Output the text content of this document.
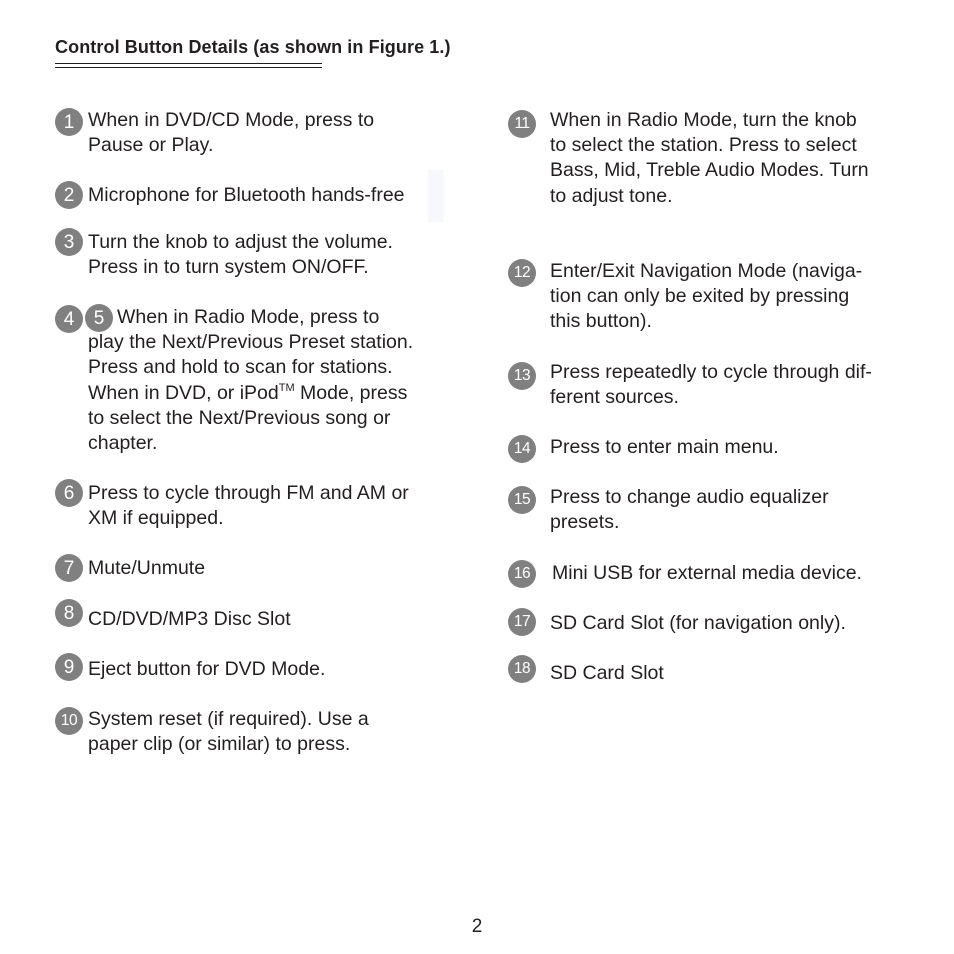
Control Button Details (as shown in Figure 1.)
1 When in DVD/CD Mode, press to
Pause or Play.
2 Microphone for Bluetooth hands-free
3 Turn the knob to adjust the volume.
Press in to turn system ON/OFF.
4	5 When in Radio Mode, press to
play the Next/Previous Preset station.
Press and hold to scan for stations.
When in DVD, or iPod™ Mode, press
to select the Next/Previous song or
chapter.
6 Press to cycle through FM and AM or
XM if equipped.
7 Mute/Unmute
8 CD/DVD/MP3 Disc Slot
9 Eject button for DVD Mode.
10 System reset (if required). Use a
paper clip (or similar) to press.
11	When in Radio Mode, turn the knob
to select the station. Press to select
Bass, Mid, Treble Audio Modes. Turn
to adjust tone.
12	Enter/Exit Navigation Mode (naviga-
tion can only be exited by pressing
this button).
13	Press repeatedly to cycle through dif-
ferent sources.
14	Press to enter main menu.
15	Press to change audio equalizer
presets.
16	Mini USB for external media device.
17	SD Card Slot (for navigation only).
18	SD Card Slot
2
